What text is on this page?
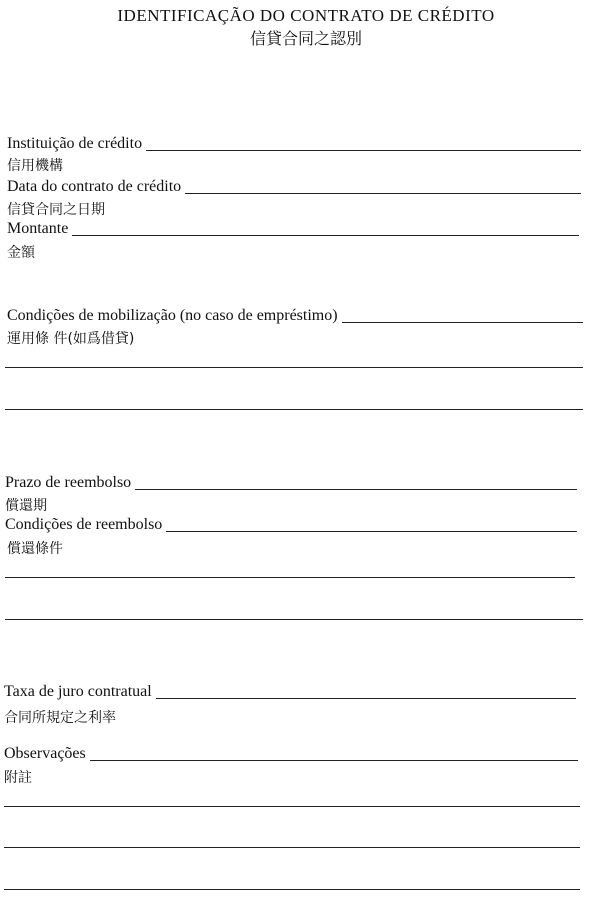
IDENTIFICAÇÃO DO CONTRATO DE CRÉDITO
信貸合同之認別
Instituição de crédito
信用機構
Data do contrato de crédito
信貸合同之日期
Montante
金額
Condições de mobilização (no caso de empréstimo)
運用條 件(如爲借貸)
Prazo de reembolso
償還期
Condições de reembolso
償還條件
Taxa de juro contratual
合同所規定之利率
Observações
附註
